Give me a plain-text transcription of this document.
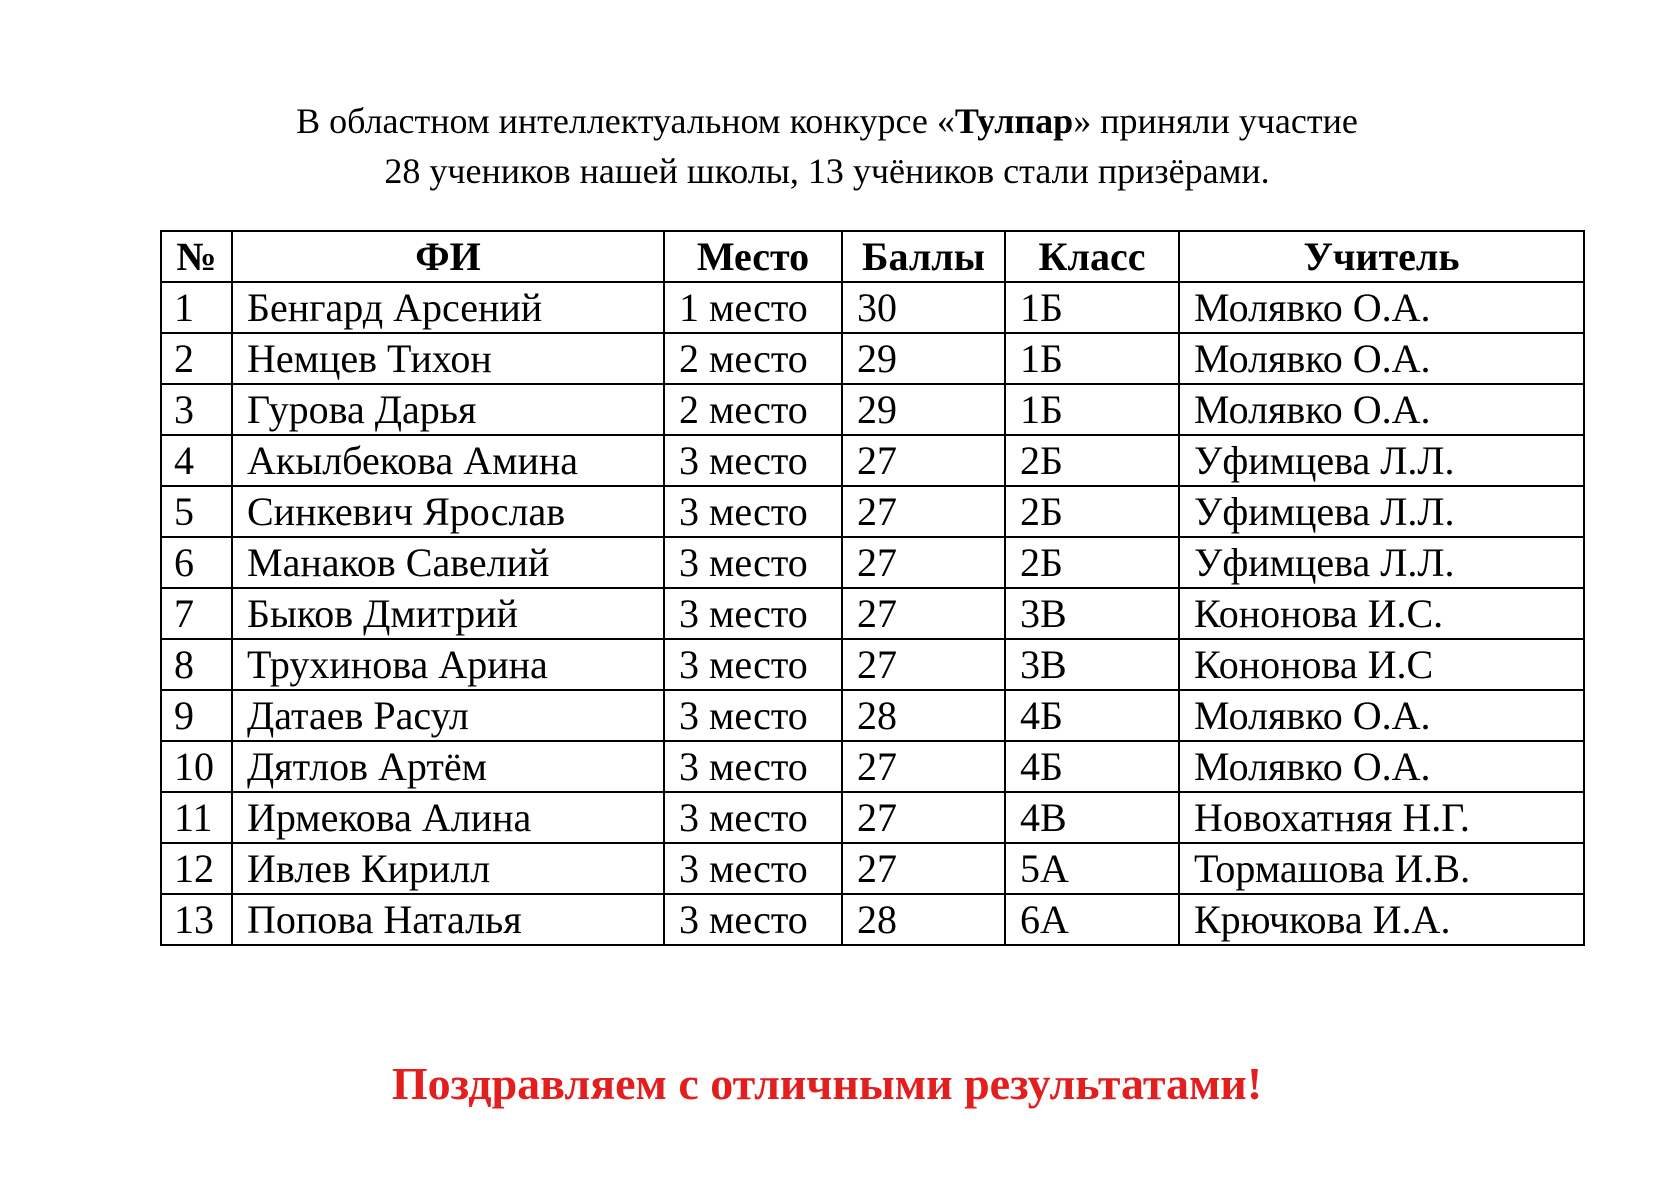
В областном интеллектуальном конкурсе «Тулпар» приняли участие
28 учеников нашей школы, 13 учёников стали призёрами.
№	ФИ	Место	Баллы	Класс	Учитель
1	Бенгард Арсений	1 место	30	1Б	Молявко О.А.
2	Немцев Тихон	2 место	29	1Б	Молявко О.А.
3	Гурова Дарья	2 место	29	1Б	Молявко О.А.
4	Акылбекова Амина	3 место	27	2Б	Уфимцева Л.Л.
5	Синкевич Ярослав	3 место	27	2Б	Уфимцева Л.Л.
6	Манаков Савелий	3 место	27	2Б	Уфимцева Л.Л.
7	Быков Дмитрий	3 место	27	3В	Кононова И.С.
8	Трухинова Арина	3 место	27	3В	Кононова И.С
9	Датаев Расул	3 место	28	4Б	Молявко О.А.
10	Дятлов Артём	3 место	27	4Б	Молявко О.А.
11	Ирмекова Алина	3 место	27	4В	Новохатняя Н.Г.
12	Ивлев Кирилл	3 место	27	5А	Тормашова И.В.
13	Попова Наталья	3 место	28	6А	Крючкова И.А.
Поздравляем с отличными результатами!
